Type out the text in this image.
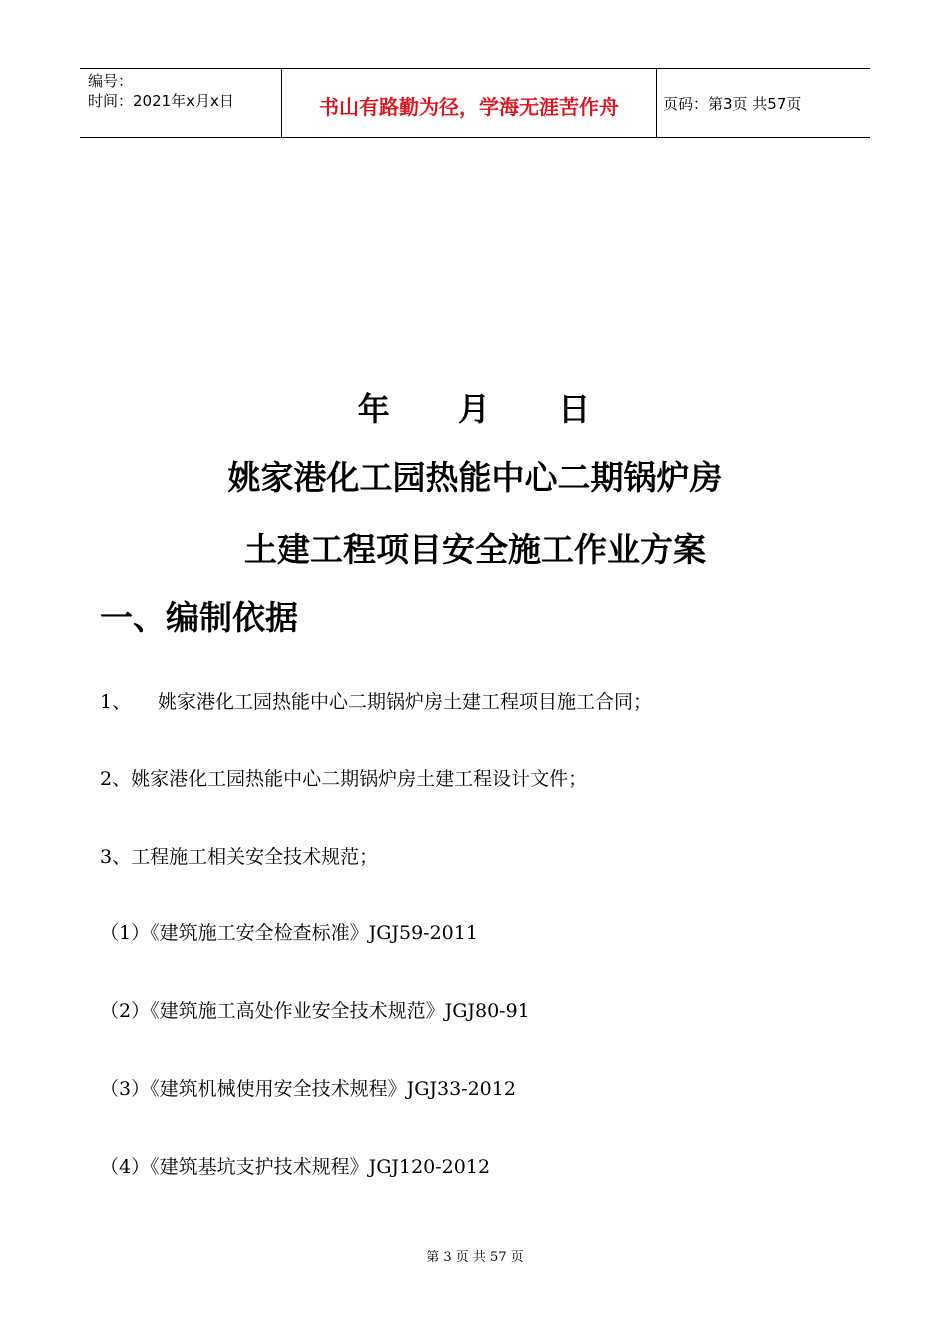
编号：
时间：2021年x月x日	书山有路勤为径，学海无涯苦作舟	页码：第3页 共57页
年 月 日
姚家港化工园热能中心二期锅炉房
土建工程项目安全施工作业方案
一、编制依据
1、 姚家港化工园热能中心二期锅炉房土建工程项目施工合同；
2、姚家港化工园热能中心二期锅炉房土建工程设计文件；
3、工程施工相关安全技术规范；
（1）《建筑施工安全检查标准》JGJ59-2011
（2）《建筑施工高处作业安全技术规范》JGJ80-91
（3）《建筑机械使用安全技术规程》JGJ33-2012
（4）《建筑基坑支护技术规程》JGJ120-2012
第 3 页 共 57 页
